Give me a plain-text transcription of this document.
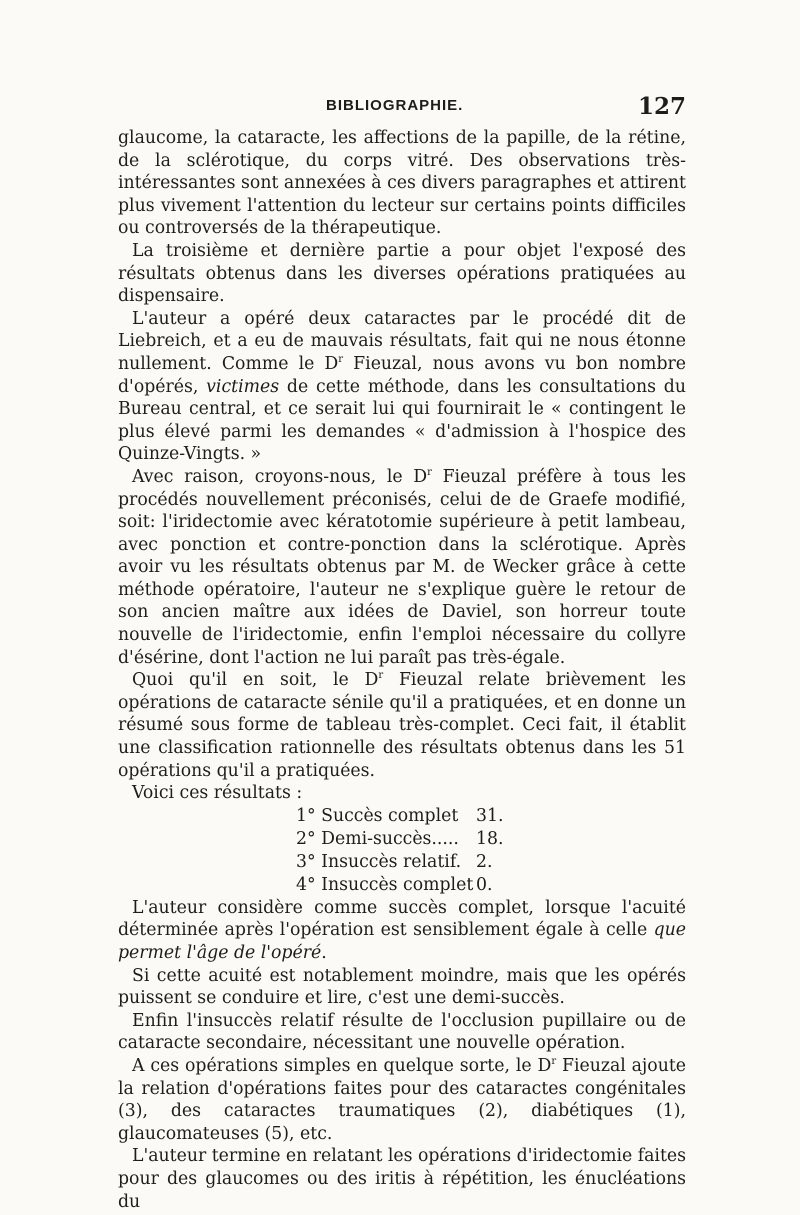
BIBLIOGRAPHIE.	127

glaucome, la cataracte, les affections de la papille, de la rétine, de la sclérotique, du corps vitré. Des observations très-intéressantes sont annexées à ces divers paragraphes et attirent plus vivement l'attention du lecteur sur certains points difficiles ou controversés de la thérapeutique.

La troisième et dernière partie a pour objet l'exposé des résultats obtenus dans les diverses opérations pratiquées au dispensaire.

L'auteur a opéré deux cataractes par le procédé dit de Liebreich, et a eu de mauvais résultats, fait qui ne nous étonne nullement. Comme le $D^r$ Fieuzal, nous avons vu bon nombre d'opérés, victimes de cette méthode, dans les consultations du Bureau central, et ce serait lui qui fournirait le « contingent le plus élevé parmi les demandes « d'admission à l'hospice des Quinze-Vingts. »

Avec raison, croyons-nous, le $D^r$ Fieuzal préfère à tous les procédés nouvellement préconisés, celui de de Graefe modifié, soit: l'iridectomie avec kératotomie supérieure à petit lambeau, avec ponction et contre-ponction dans la sclérotique. Après avoir vu les résultats obtenus par M. de Wecker grâce à cette méthode opératoire, l'auteur ne s'explique guère le retour de son ancien maître aux idées de Daviel, son horreur toute nouvelle de l'iridectomie, enfin l'emploi nécessaire du collyre d'ésérine, dont l'action ne lui paraît pas très-égale.

Quoi qu'il en soit, le $D^r$ Fieuzal relate brièvement les opérations de cataracte sénile qu'il a pratiquées, et en donne un résumé sous forme de tableau très-complet. Ceci fait, il établit une classification rationnelle des résultats obtenus dans les 51 opérations qu'il a pratiquées.

Voici ces résultats :

1° Succès complet	31.
2° Demi-succès..... 18.
3° Insuccès relatif. 2.
4° Insuccès complet 0.

L'auteur considère comme succès complet, lorsque l'acuité déterminée après l'opération est sensiblement égale à celle que permet l'âge de l'opéré.

Si cette acuité est notablement moindre, mais que les opérés puissent se conduire et lire, c'est une demi-succès.

Enfin l'insuccès relatif résulte de l'occlusion pupillaire ou de cataracte secondaire, nécessitant une nouvelle opération.

A ces opérations simples en quelque sorte, le $D^r$ Fieuzal ajoute la relation d'opérations faites pour des cataractes congénitales (3), des cataractes traumatiques (2), diabétiques (1), glaucomateuses (5), etc.

L'auteur termine en relatant les opérations d'iridectomie faites pour des glaucomes ou des iritis à répétition, les énucléations du
